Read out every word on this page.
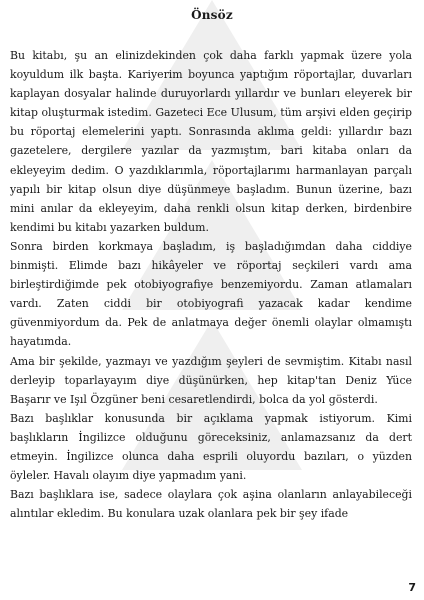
Önsöz

Bu kitabı, şu an elinizdekinden çok daha farklı yapmak üzere yola koyuldum ilk başta. Kariyerim boyunca yaptığım röportajlar, duvarları kaplayan dosyalar halinde duruyorlardı yıllardır ve bunları eleyerek bir kitap oluşturmak istedim. Gazeteci Ece Ulusum, tüm arşivi elden geçirip bu röportaj elemelerini yaptı. Sonrasında aklıma geldi: yıllardır bazı gazetelere, dergilere yazılar da yazmıştım, bari kitaba onları da ekleyeyim dedim. O yazdıklarımla, röportajlarımı harmanlayan parçalı yapılı bir kitap olsun diye düşünmeye başladım. Bunun üzerine, bazı mini anılar da ekleyeyim, daha renkli olsun kitap derken, birdenbire kendimi bu kitabı yazarken buldum.

Sonra birden korkmaya başladım, iş başladığımdan daha ciddiye binmişti. Elimde bazı hikâyeler ve röportaj seçkileri vardı ama birleştirdiğimde pek otobiyografiye benzemiyordu. Zaman atlamaları vardı. Zaten ciddi bir otobiyografi yazacak kadar kendime güvenmiyordum da. Pek de anlatmaya değer önemli olaylar olmamıştı hayatımda.

Ama bir şekilde, yazmayı ve yazdığım şeyleri de sevmiştim. Kitabı nasıl derleyip toparlayayım diye düşünürken, hep kitap'tan Deniz Yüce Başarır ve Işıl Özgüner beni cesaretlendirdi, bolca da yol gösterdi.

Bazı başlıklar konusunda bir açıklama yapmak istiyorum. Kimi başlıkların İngilizce olduğunu göreceksiniz, anlamazsanız da dert etmeyin. İngilizce olunca daha esprili oluyordu bazıları, o yüzden öyleler. Havalı olayım diye yapmadım yani.

Bazı başlıklara ise, sadece olaylara çok aşina olanların anlayabileceği alıntılar ekledim. Bu konulara uzak olanlara pek bir şey ifade

7
